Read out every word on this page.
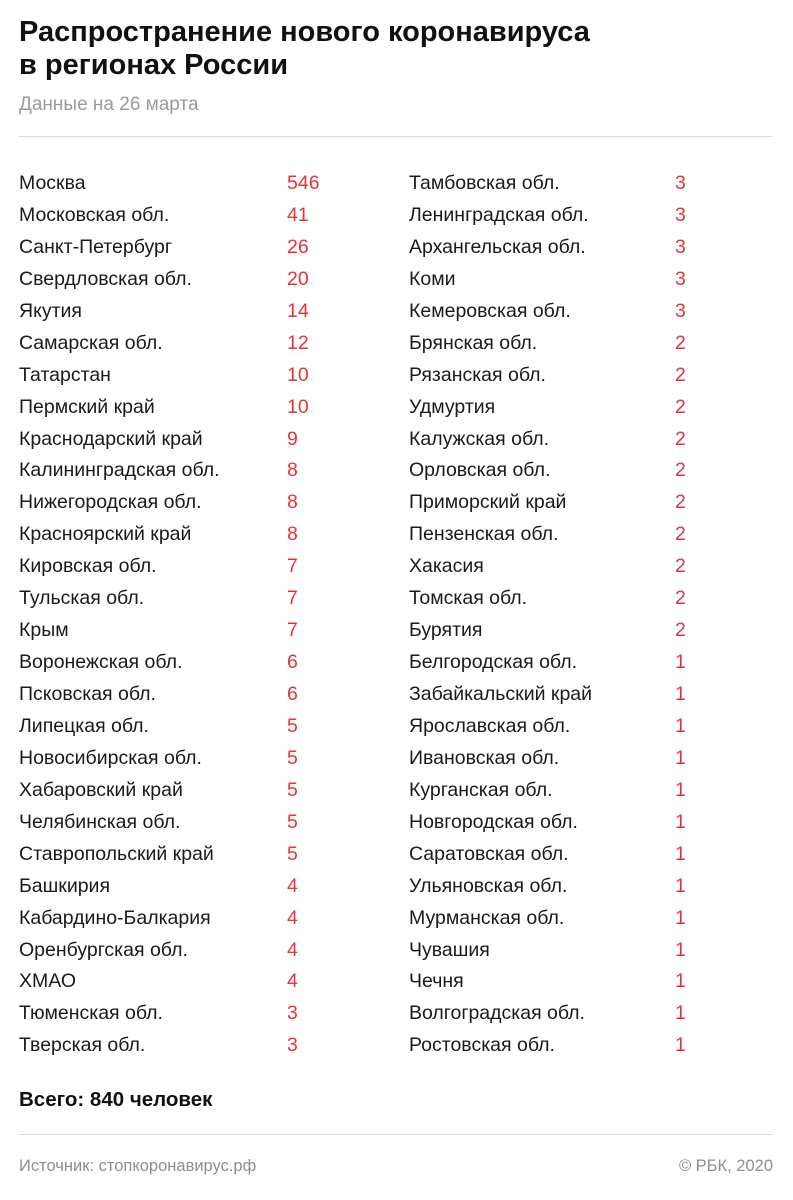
Распространение нового коронавируса
в регионах России
Данные на 26 марта
Москва	546
Московская обл.	41
Санкт-Петербург	26
Свердловская обл.	20
Якутия	14
Самарская обл.	12
Татарстан	10
Пермский край	10
Краснодарский край	9
Калининградская обл.	8
Нижегородская обл.	8
Красноярский край	8
Кировская обл.	7
Тульская обл.	7
Крым	7
Воронежская обл.	6
Псковская обл.	6
Липецкая обл.	5
Новосибирская обл.	5
Хабаровский край	5
Челябинская обл.	5
Ставропольский край	5
Башкирия	4
Кабардино-Балкария	4
Оренбургская обл.	4
ХМАО	4
Тюменская обл.	3
Тверская обл.	3
Тамбовская обл.	3
Ленинградская обл.	3
Архангельская обл.	3
Коми	3
Кемеровская обл.	3
Брянская обл.	2
Рязанская обл.	2
Удмуртия	2
Калужская обл.	2
Орловская обл.	2
Приморский край	2
Пензенская обл.	2
Хакасия	2
Томская обл.	2
Бурятия	2
Белгородская обл.	1
Забайкальский край	1
Ярославская обл.	1
Ивановская обл.	1
Курганская обл.	1
Новгородская обл.	1
Саратовская обл.	1
Ульяновская обл.	1
Мурманская обл.	1
Чувашия	1
Чечня	1
Волгоградская обл.	1
Ростовская обл.	1
Всего: 840 человек
Источник: стопкоронавирус.рф	© РБК, 2020
